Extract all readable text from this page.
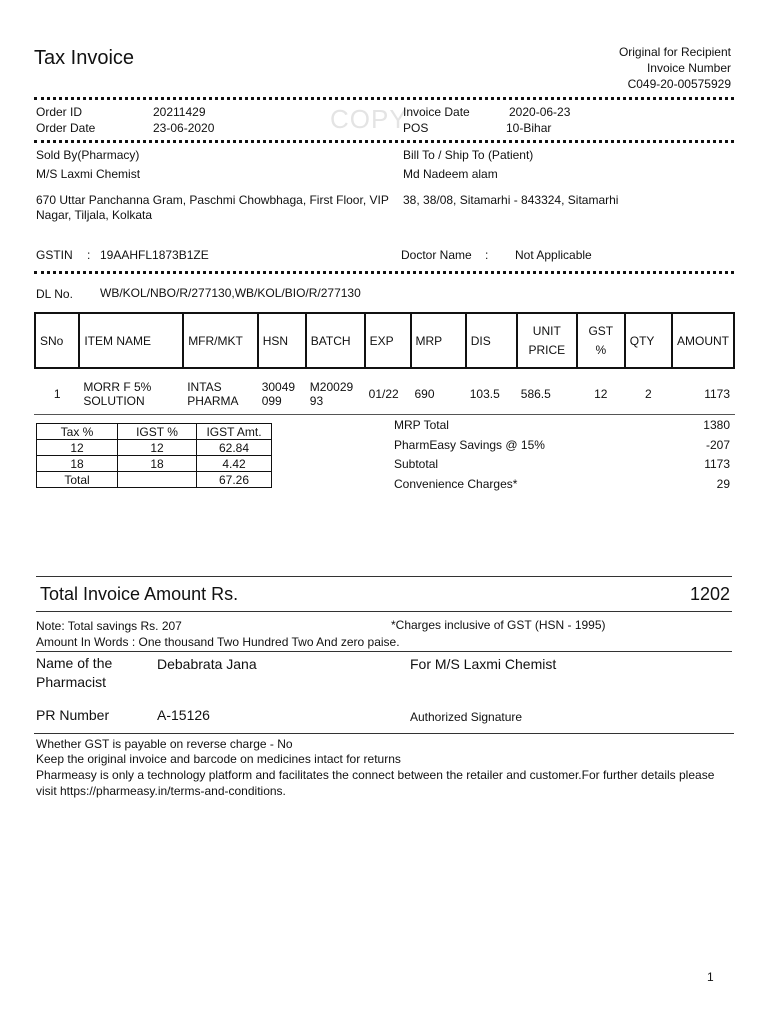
Tax Invoice	Original for Recipient
Invoice Number
C049-20-00575929
COPY
Order ID	20211429
Order Date	23-06-2020
Invoice Date	2020-06-23
POS	10-Bihar
Sold By(Pharmacy)
M/S Laxmi Chemist
670 Uttar Panchanna Gram, Paschmi Chowbhaga, First Floor, VIP Nagar, Tiljala, Kolkata
Bill To / Ship To (Patient)
Md Nadeem alam
38, 38/08, Sitamarhi - 843324, Sitamarhi
GSTIN : 19AAHFL1873B1ZE	Doctor Name : Not Applicable
DL No. WB/KOL/NBO/R/277130,WB/KOL/BIO/R/277130
SNo	ITEM NAME	MFR/MKT	HSN	BATCH	EXP	MRP	DIS	UNIT PRICE	GST %	QTY	AMOUNT
1	MORR F 5% SOLUTION	INTAS PHARMA	30049 099	M20029 93	01/22	690	103.5	586.5	12	2	1173
Tax %	IGST %	IGST Amt.
12	12	62.84
18	18	4.42
Total		67.26
MRP Total	1380
PharmEasy Savings @ 15%	-207
Subtotal	1173
Convenience Charges*	29
Total Invoice Amount Rs.	1202
Note: Total savings Rs. 207	*Charges inclusive of GST (HSN - 1995)
Amount In Words : One thousand Two Hundred Two And zero paise.
Name of the
Pharmacist
Debabrata Jana	For M/S Laxmi Chemist
PR Number	A-15126	Authorized Signature
Whether GST is payable on reverse charge - No
Keep the original invoice and barcode on medicines intact for returns
Pharmeasy is only a technology platform and facilitates the connect between the retailer and customer.For further details please visit https://pharmeasy.in/terms-and-conditions.
1
